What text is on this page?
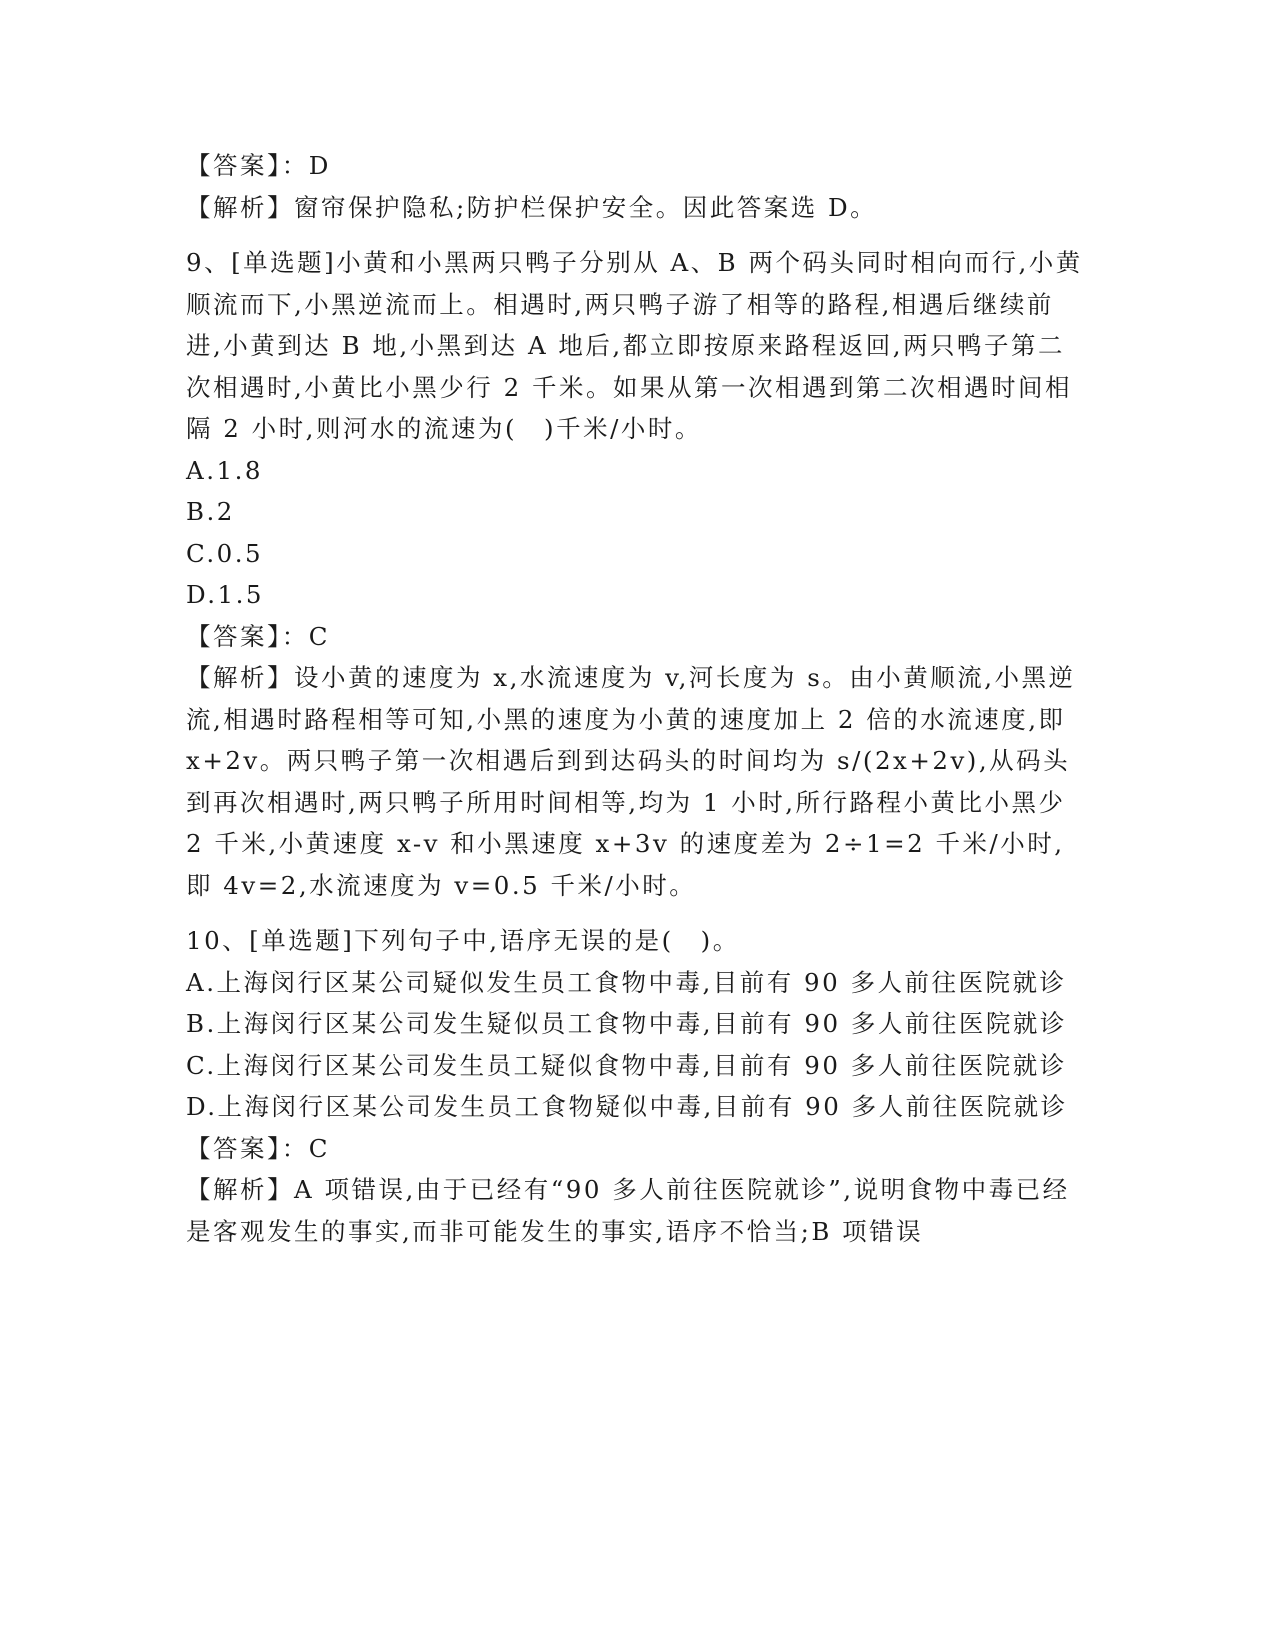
【答案】：D
【解析】窗帘保护隐私;防护栏保护安全。因此答案选 D。
9、[单选题]小黄和小黑两只鸭子分别从 A、B 两个码头同时相向而行,小黄顺流而下,小黑逆流而上。相遇时,两只鸭子游了相等的路程,相遇后继续前进,小黄到达 B 地,小黑到达 A 地后,都立即按原来路程返回,两只鸭子第二次相遇时,小黄比小黑少行 2 千米。如果从第一次相遇到第二次相遇时间相隔 2 小时,则河水的流速为(　)千米/小时。
A.1.8
B.2
C.0.5
D.1.5
【答案】：C
【解析】设小黄的速度为 x,水流速度为 v,河长度为 s。由小黄顺流,小黑逆流,相遇时路程相等可知,小黑的速度为小黄的速度加上 2 倍的水流速度,即 x+2v。两只鸭子第一次相遇后到到达码头的时间均为 s/(2x+2v),从码头到再次相遇时,两只鸭子所用时间相等,均为 1 小时,所行路程小黄比小黑少 2 千米,小黄速度 x-v 和小黑速度 x+3v 的速度差为 2÷1=2 千米/小时,即 4v=2,水流速度为 v=0.5 千米/小时。
10、[单选题]下列句子中,语序无误的是(　)。
A.上海闵行区某公司疑似发生员工食物中毒,目前有 90 多人前往医院就诊
B.上海闵行区某公司发生疑似员工食物中毒,目前有 90 多人前往医院就诊
C.上海闵行区某公司发生员工疑似食物中毒,目前有 90 多人前往医院就诊
D.上海闵行区某公司发生员工食物疑似中毒,目前有 90 多人前往医院就诊
【答案】：C
【解析】A 项错误,由于已经有“90 多人前往医院就诊”,说明食物中毒已经是客观发生的事实,而非可能发生的事实,语序不恰当;B 项错误
